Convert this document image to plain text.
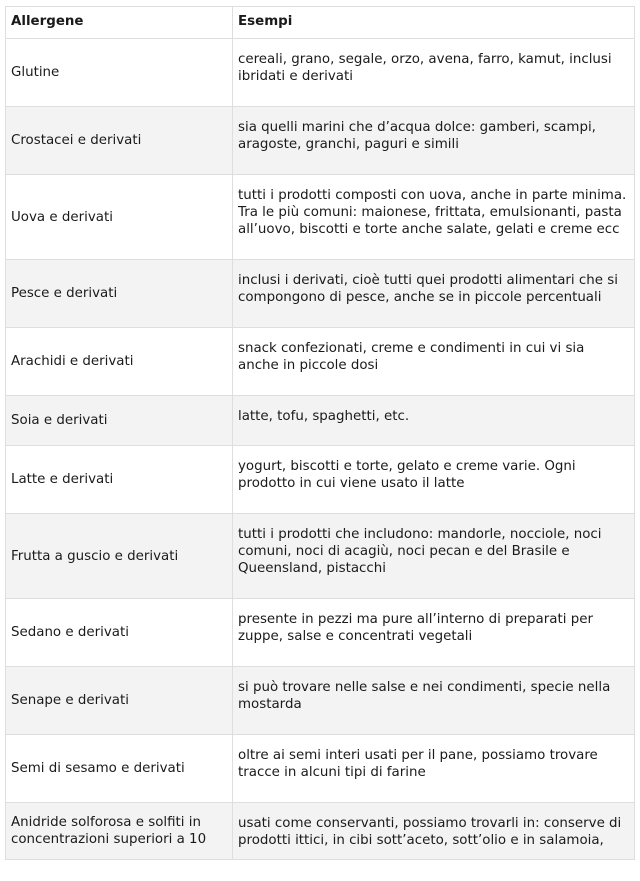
Allergene	Esempi
Glutine	cereali, grano, segale, orzo, avena, farro, kamut, inclusi ibridati e derivati
Crostacei e derivati	sia quelli marini che d’acqua dolce: gamberi, scampi, aragoste, granchi, paguri e simili
Uova e derivati	tutti i prodotti composti con uova, anche in parte minima. Tra le più comuni: maionese, frittata, emulsionanti, pasta all’uovo, biscotti e torte anche salate, gelati e creme ecc
Pesce e derivati	inclusi i derivati, cioè tutti quei prodotti alimentari che si compongono di pesce, anche se in piccole percentuali
Arachidi e derivati	snack confezionati, creme e condimenti in cui vi sia anche in piccole dosi
Soia e derivati	latte, tofu, spaghetti, etc.
Latte e derivati	yogurt, biscotti e torte, gelato e creme varie. Ogni prodotto in cui viene usato il latte
Frutta a guscio e derivati	tutti i prodotti che includono: mandorle, nocciole, noci comuni, noci di acagiù, noci pecan e del Brasile e Queensland, pistacchi
Sedano e derivati	presente in pezzi ma pure all’interno di preparati per zuppe, salse e concentrati vegetali
Senape e derivati	si può trovare nelle salse e nei condimenti, specie nella mostarda
Semi di sesamo e derivati	oltre ai semi interi usati per il pane, possiamo trovare tracce in alcuni tipi di farine
Anidride solforosa e solfiti in concentrazioni superiori a 10	usati come conservanti, possiamo trovarli in: conserve di prodotti ittici, in cibi sott’aceto, sott’olio e in salamoia,
